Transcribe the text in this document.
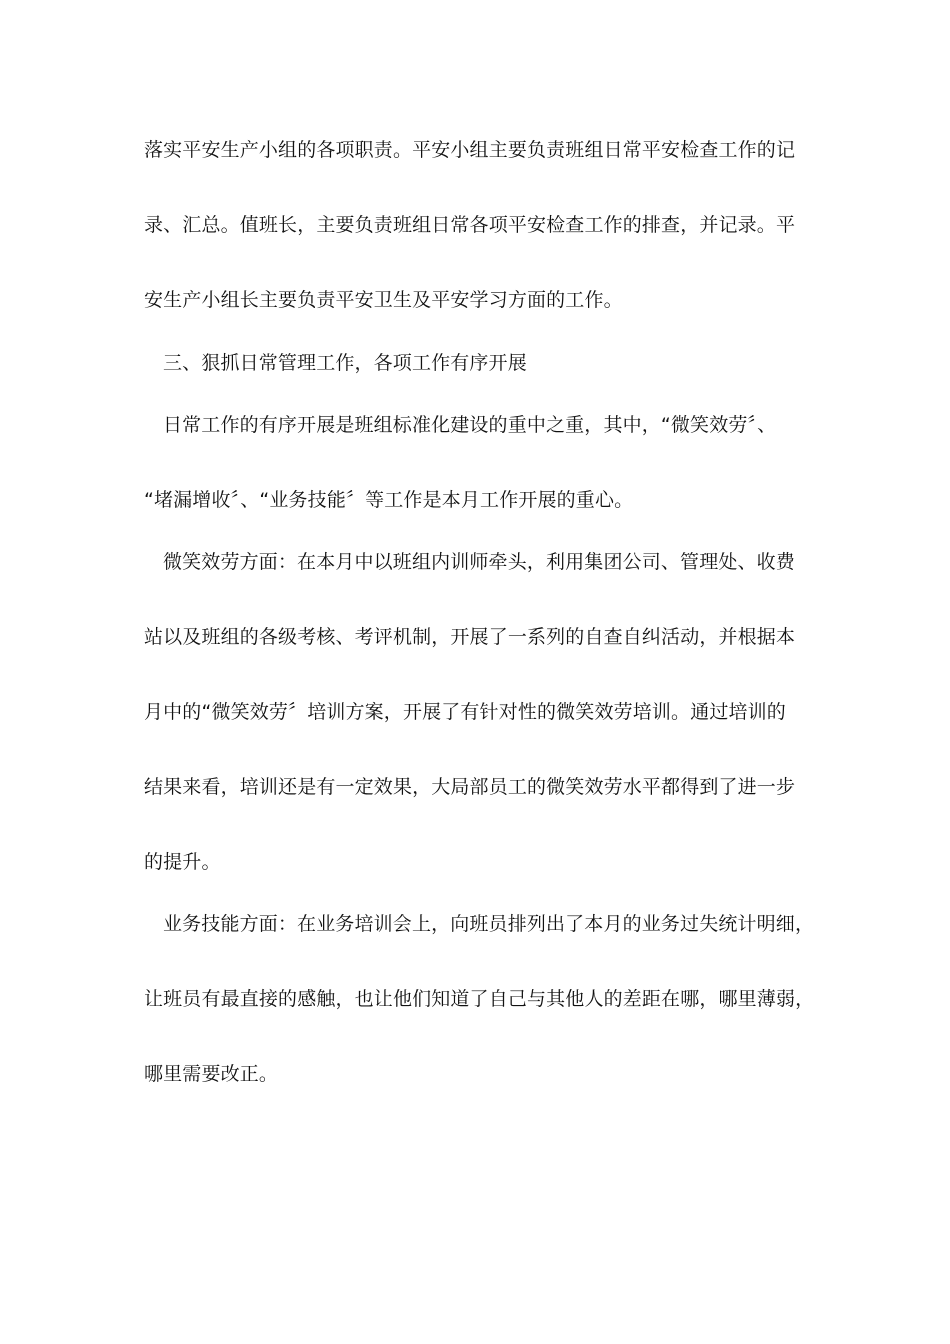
落实平安生产小组的各项职责。平安小组主要负责班组日常平安检查工作的记
录、汇总。值班长，主要负责班组日常各项平安检查工作的排查，并记录。平
安生产小组长主要负责平安卫生及平安学习方面的工作。
三、狠抓日常管理工作，各项工作有序开展
日常工作的有序开展是班组标准化建设的重中之重，其中，“微笑效劳〞、
“堵漏增收〞、“业务技能〞等工作是本月工作开展的重心。
微笑效劳方面：在本月中以班组内训师牵头，利用集团公司、管理处、收费
站以及班组的各级考核、考评机制，开展了一系列的自查自纠活动，并根据本
月中的“微笑效劳〞培训方案，开展了有针对性的微笑效劳培训。通过培训的
结果来看，培训还是有一定效果，大局部员工的微笑效劳水平都得到了进一步
的提升。
业务技能方面：在业务培训会上，向班员排列出了本月的业务过失统计明细，
让班员有最直接的感触，也让他们知道了自己与其他人的差距在哪，哪里薄弱，
哪里需要改正。
